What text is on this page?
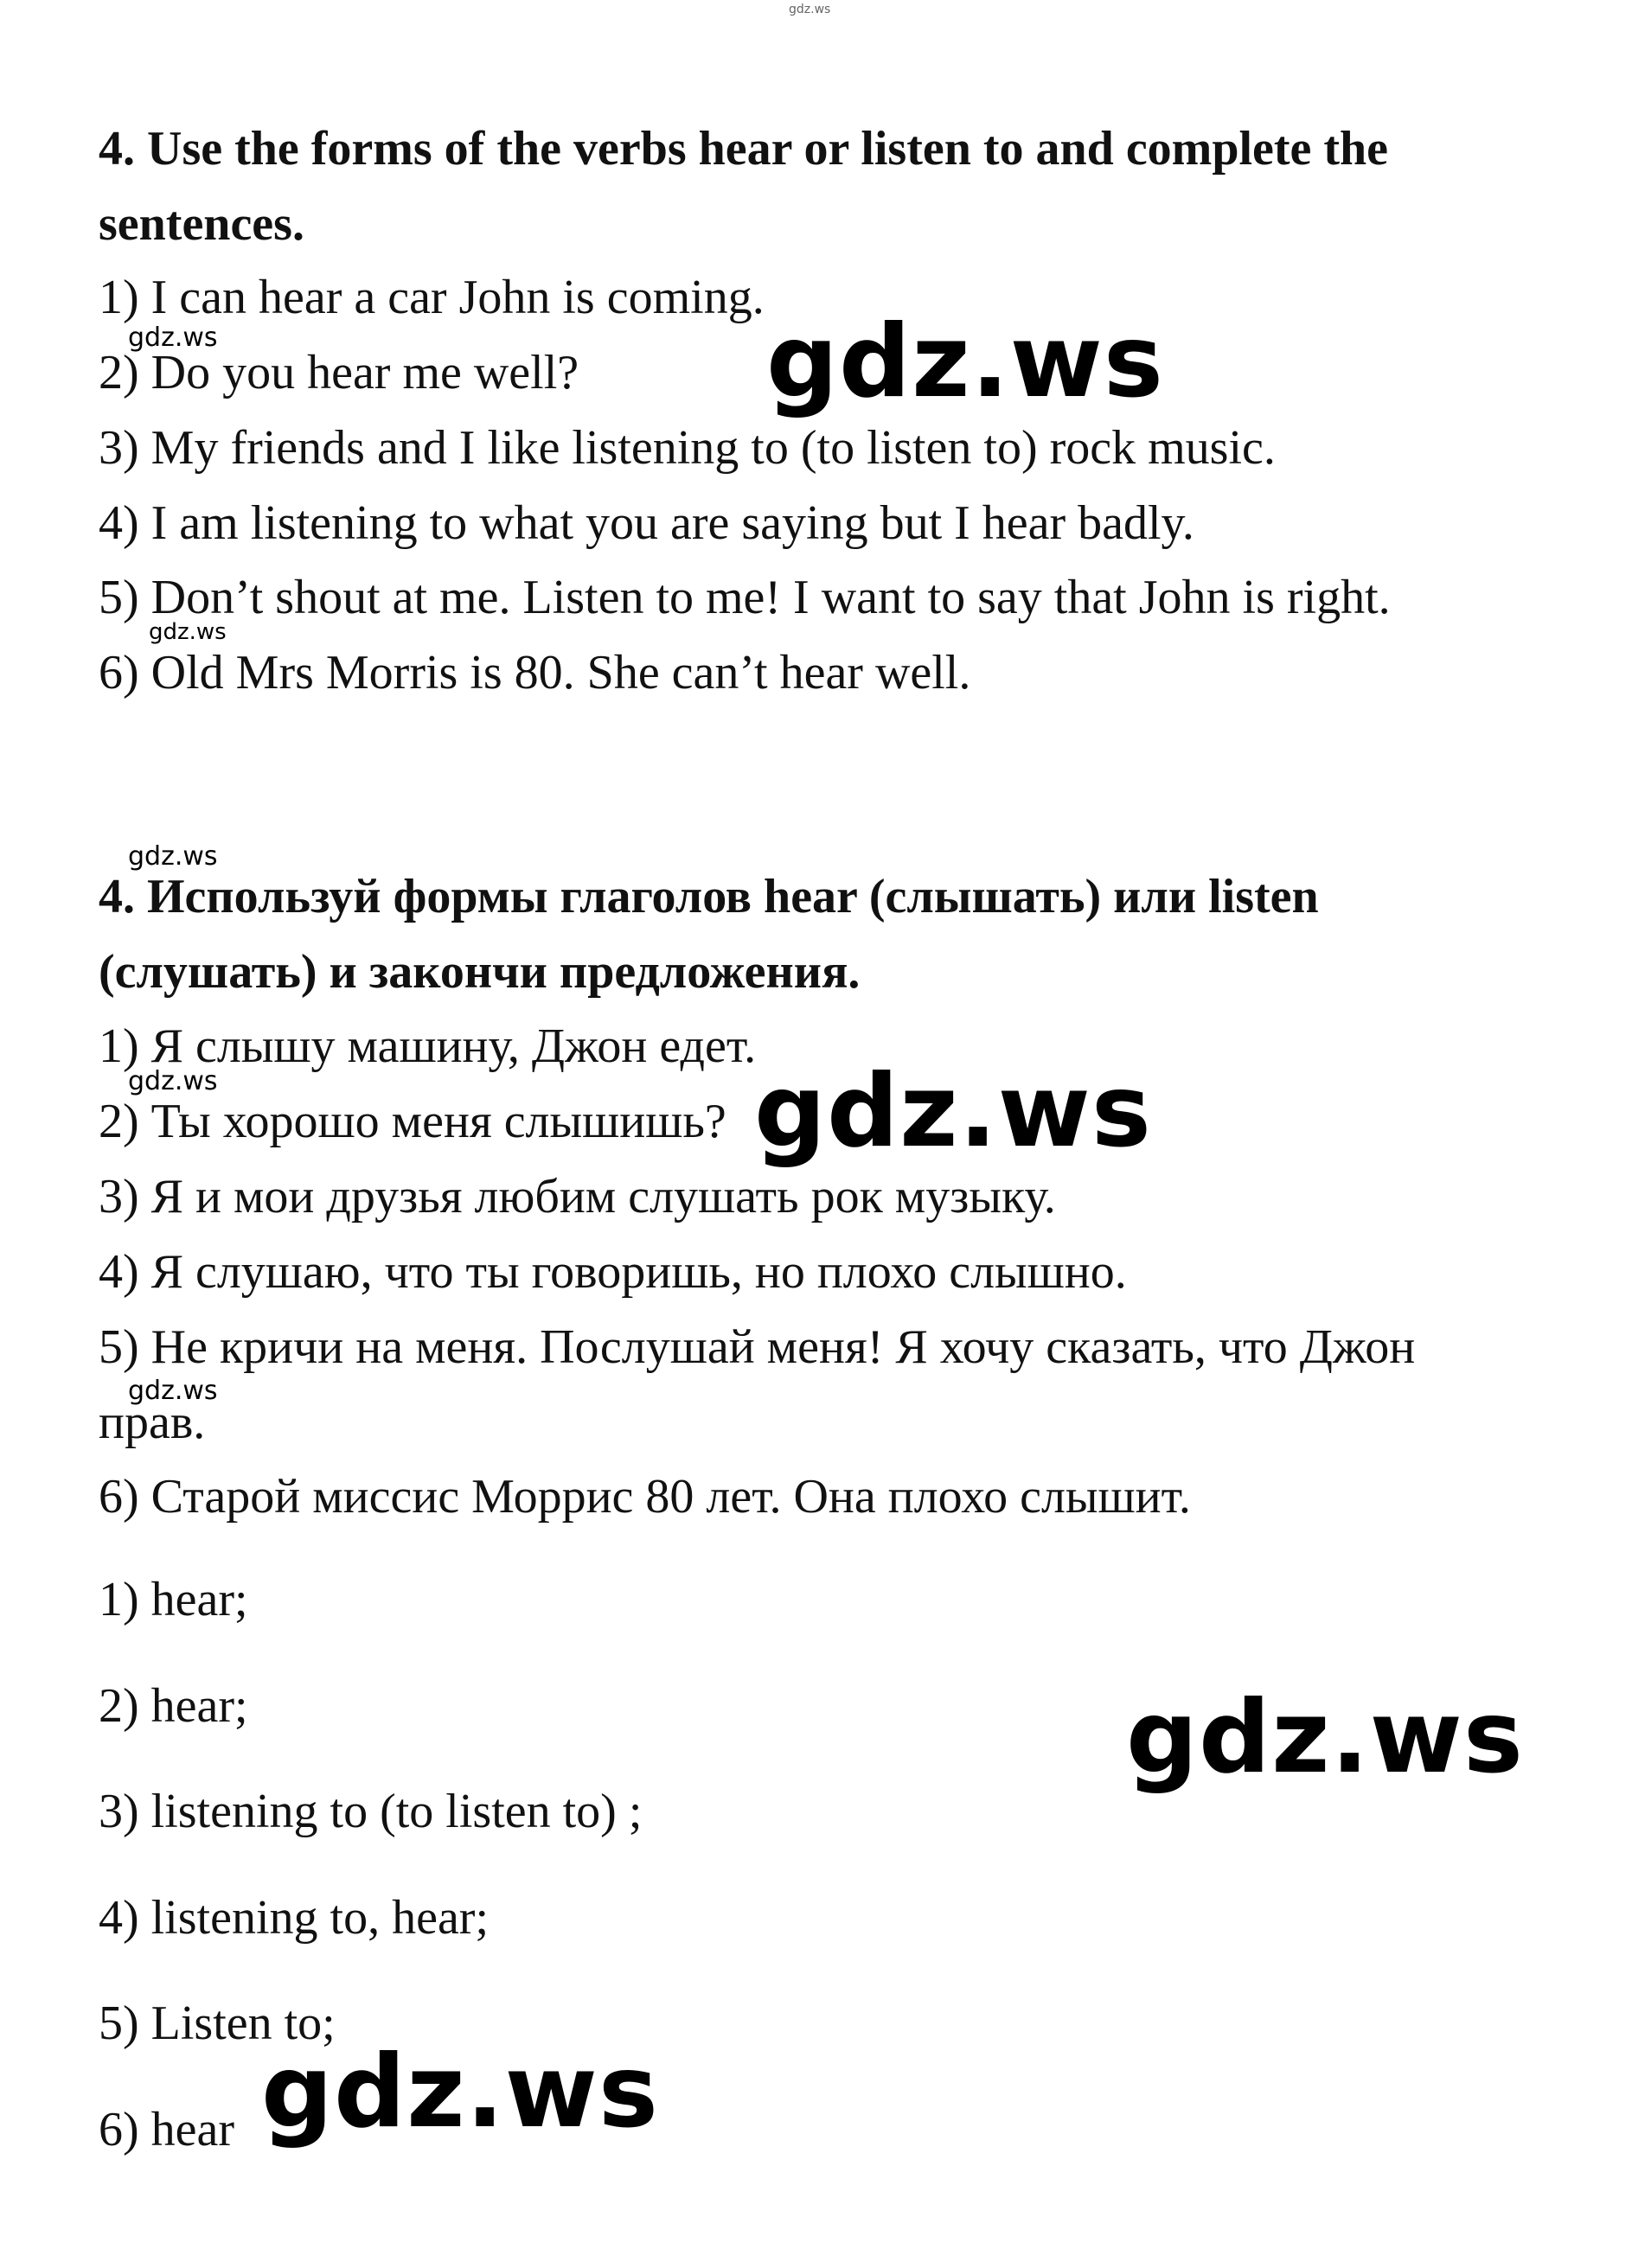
gdz.ws
4. Use the forms of the verbs hear or listen to and complete the
sentences.
1) I can hear a car John is coming.
2) Do you hear me well?
3) My friends and I like listening to (to listen to) rock music.
4) I am listening to what you are saying but I hear badly.
5) Don’t shout at me. Listen to me! I want to say that John is right.
6) Old Mrs Morris is 80. She can’t hear well.
gdz.ws	gdz.ws
gdz.ws
gdz.ws
4. Используй формы глаголов hear (слышать) или listen
(слушать) и закончи предложения.
1) Я слышу машину, Джон едет.
gdz.ws
2) Ты хорошо меня слышишь? gdz.ws
3) Я и мои друзья любим слушать рок музыку.
4) Я слушаю, что ты говоришь, но плохо слышно.
5) Не кричи на меня. Послушай меня! Я хочу сказать, что Джон
gdz.ws
прав.
6) Старой миссис Моррис 80 лет. Она плохо слышит.
1) hear;
2) hear;	gdz.ws
3) listening to (to listen to) ;
4) listening to, hear;
5) Listen to;
6) hear gdz.ws
